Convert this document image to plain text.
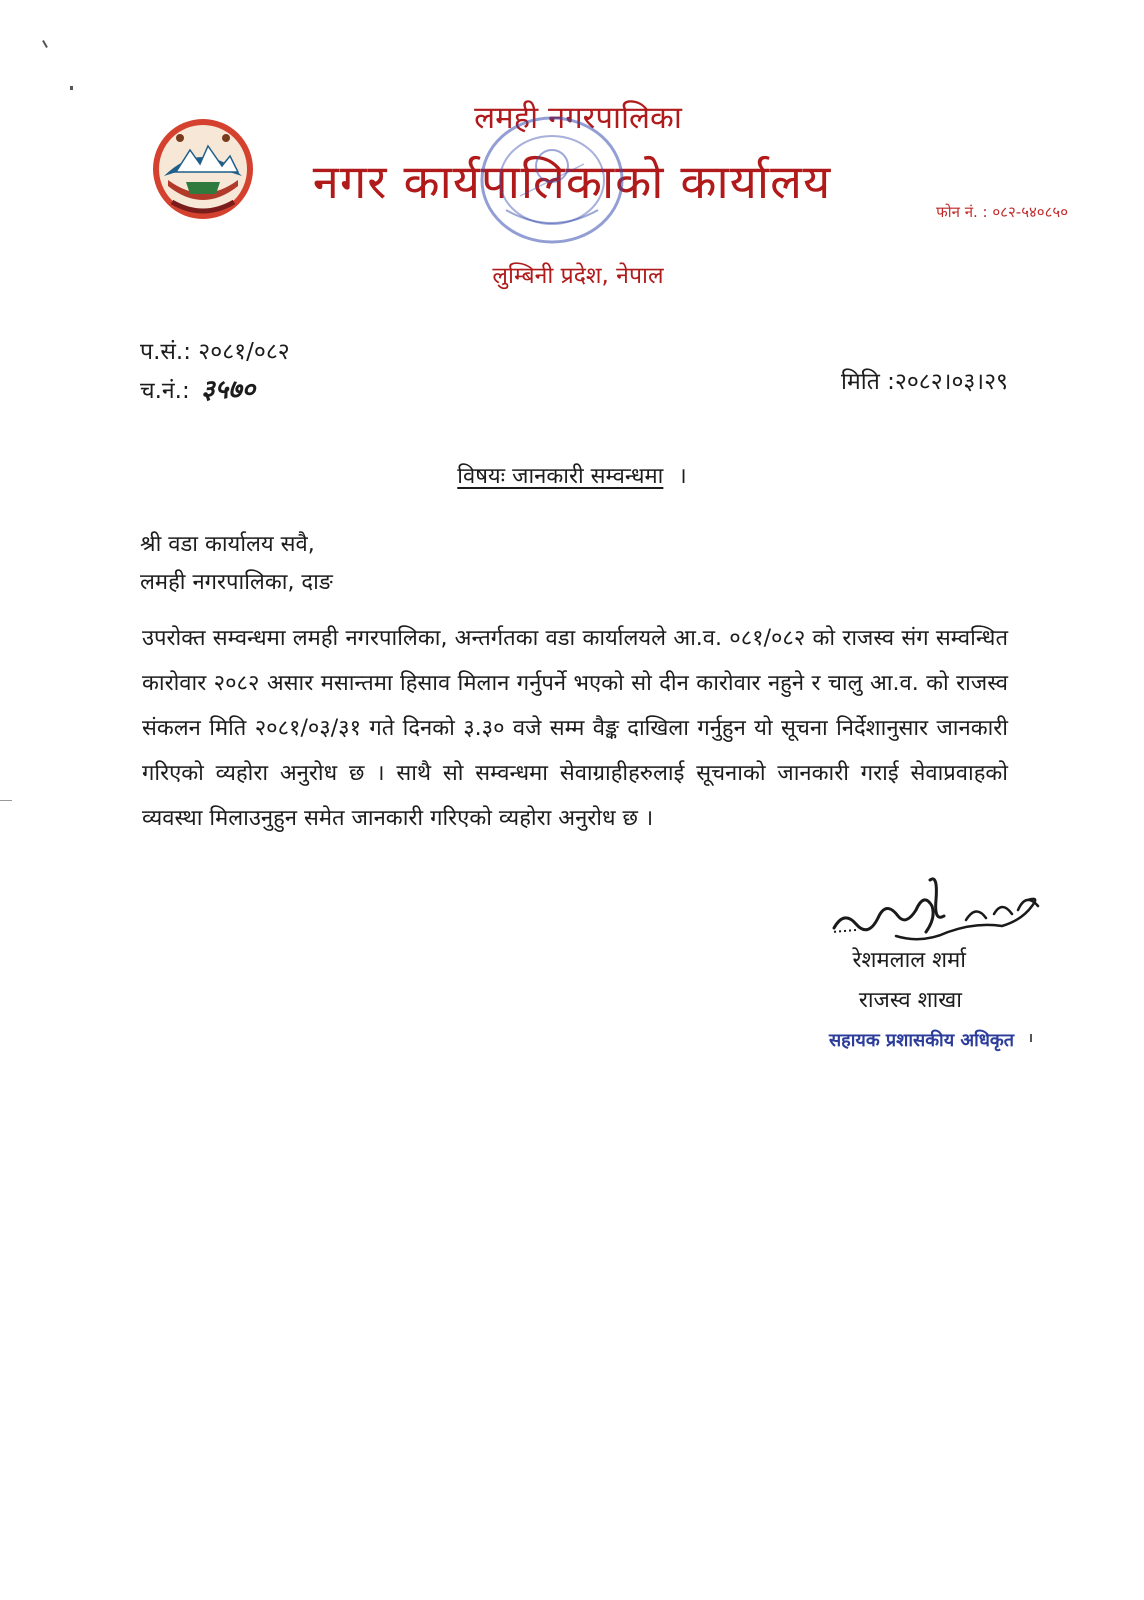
लमही नगरपालिका
नगर कार्यपालिकाको कार्यालय
लुम्बिनी प्रदेश, नेपाल
फोन नं. : ०८२-५४०८५०
प.सं.: २०८१/०८२
च.नं.: ३५७०	मिति :२०८२।०३।२९
विषयः जानकारी सम्वन्धमा ।
श्री वडा कार्यालय सवै,
लमही नगरपालिका, दाङ

उपरोक्त सम्वन्धमा लमही नगरपालिका, अन्तर्गतका वडा कार्यालयले आ.व. ०८१/०८२ को राजस्व संग सम्वन्धित कारोवार २०८२ असार मसान्तमा हिसाव मिलान गर्नुपर्ने भएको सो दीन कारोवार नहुने र चालु आ.व. को राजस्व संकलन मिति २०८१/०३/३१ गते दिनको ३.३० वजे सम्म वैङ्क दाखिला गर्नुहुन यो सूचना निर्देशानुसार जानकारी गरिएको व्यहोरा अनुरोध छ । साथै सो सम्वन्धमा सेवाग्राहीहरुलाई सूचनाको जानकारी गराई सेवाप्रवाहको व्यवस्था मिलाउनुहुन समेत जानकारी गरिएको व्यहोरा अनुरोध छ ।

रेशमलाल शर्मा
राजस्व शाखा
सहायक प्रशासकीय अधिकृत
